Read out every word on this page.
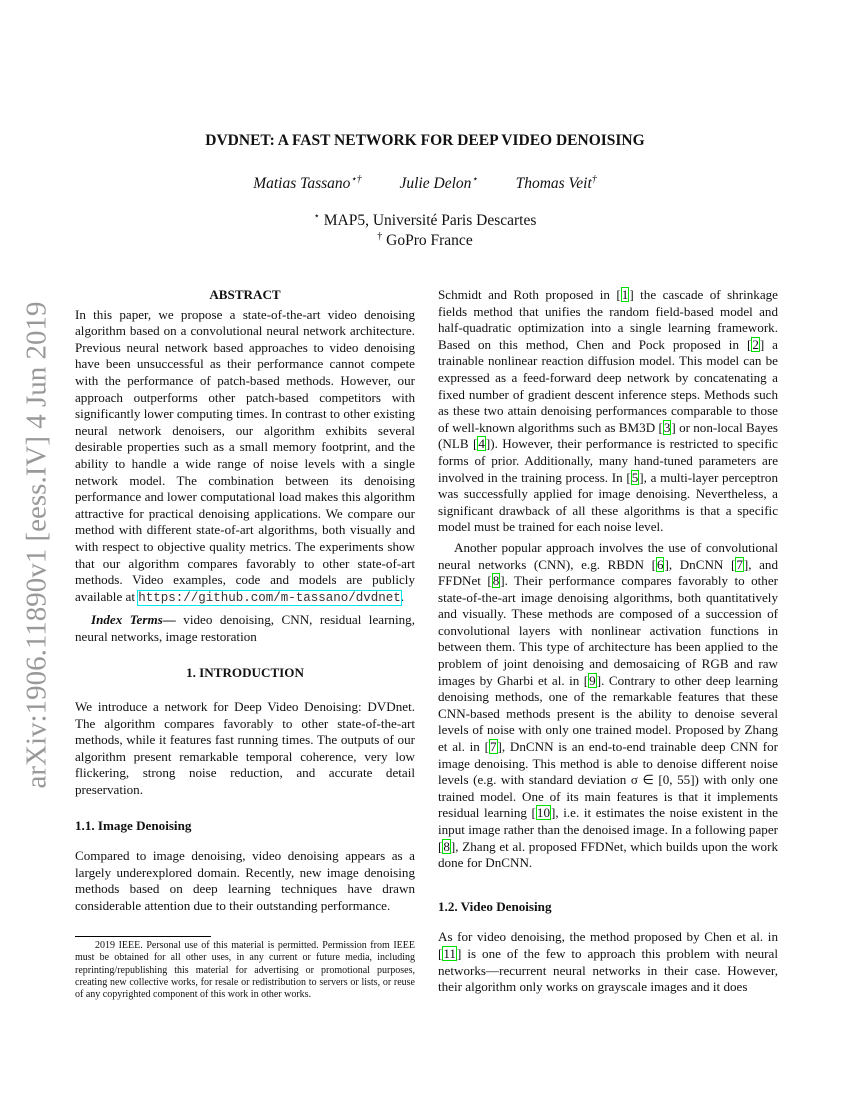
arXiv:1906.11890v1 [eess.IV] 4 Jun 2019
DVDNET: A FAST NETWORK FOR DEEP VIDEO DENOISING
Matias Tassano⋆† Julie Delon⋆ Thomas Veit†
⋆ MAP5, Université Paris Descartes
† GoPro France
ABSTRACT

In this paper, we propose a state-of-the-art video denoising algorithm based on a convolutional neural network architecture. Previous neural network based approaches to video denoising have been unsuccessful as their performance cannot compete with the performance of patch-based methods. However, our approach outperforms other patch-based competitors with significantly lower computing times. In contrast to other existing neural network denoisers, our algorithm exhibits several desirable properties such as a small memory footprint, and the ability to handle a wide range of noise levels with a single network model. The combination between its denoising performance and lower computational load makes this algorithm attractive for practical denoising applications. We compare our method with different state-of-art algorithms, both visually and with respect to objective quality metrics. The experiments show that our algorithm compares favorably to other state-of-art methods. Video examples, code and models are publicly available at https://github.com/m-tassano/dvdnet.

Index Terms— video denoising, CNN, residual learning, neural networks, image restoration

1. INTRODUCTION

We introduce a network for Deep Video Denoising: DVDnet. The algorithm compares favorably to other state-of-the-art methods, while it features fast running times. The outputs of our algorithm present remarkable temporal coherence, very low flickering, strong noise reduction, and accurate detail preservation.

1.1. Image Denoising

Compared to image denoising, video denoising appears as a largely underexplored domain. Recently, new image denoising methods based on deep learning techniques have drawn considerable attention due to their outstanding performance.

Schmidt and Roth proposed in [1] the cascade of shrinkage fields method that unifies the random field-based model and half-quadratic optimization into a single learning framework. Based on this method, Chen and Pock proposed in [2] a trainable nonlinear reaction diffusion model. This model can be expressed as a feed-forward deep network by concatenating a fixed number of gradient descent inference steps. Methods such as these two attain denoising performances comparable to those of well-known algorithms such as BM3D [3] or non-local Bayes (NLB [4]). However, their performance is restricted to specific forms of prior. Additionally, many hand-tuned parameters are involved in the training process. In [5], a multi-layer perceptron was successfully applied for image denoising. Nevertheless, a significant drawback of all these algorithms is that a specific model must be trained for each noise level.

Another popular approach involves the use of convolutional neural networks (CNN), e.g. RBDN [6], DnCNN [7], and FFDNet [8]. Their performance compares favorably to other state-of-the-art image denoising algorithms, both quantitatively and visually. These methods are composed of a succession of convolutional layers with nonlinear activation functions in between them. This type of architecture has been applied to the problem of joint denoising and demosaicing of RGB and raw images by Gharbi et al. in [9]. Contrary to other deep learning denoising methods, one of the remarkable features that these CNN-based methods present is the ability to denoise several levels of noise with only one trained model. Proposed by Zhang et al. in [7], DnCNN is an end-to-end trainable deep CNN for image denoising. This method is able to denoise different noise levels (e.g. with standard deviation σ ∈ [0, 55]) with only one trained model. One of its main features is that it implements residual learning [10], i.e. it estimates the noise existent in the input image rather than the denoised image. In a following paper [8], Zhang et al. proposed FFDNet, which builds upon the work done for DnCNN.

1.2. Video Denoising

As for video denoising, the method proposed by Chen et al. in [11] is one of the few to approach this problem with neural networks—recurrent neural networks in their case. However, their algorithm only works on grayscale images and it does

2019 IEEE. Personal use of this material is permitted. Permission from IEEE must be obtained for all other uses, in any current or future media, including reprinting/republishing this material for advertising or promotional purposes, creating new collective works, for resale or redistribution to servers or lists, or reuse of any copyrighted component of this work in other works.
